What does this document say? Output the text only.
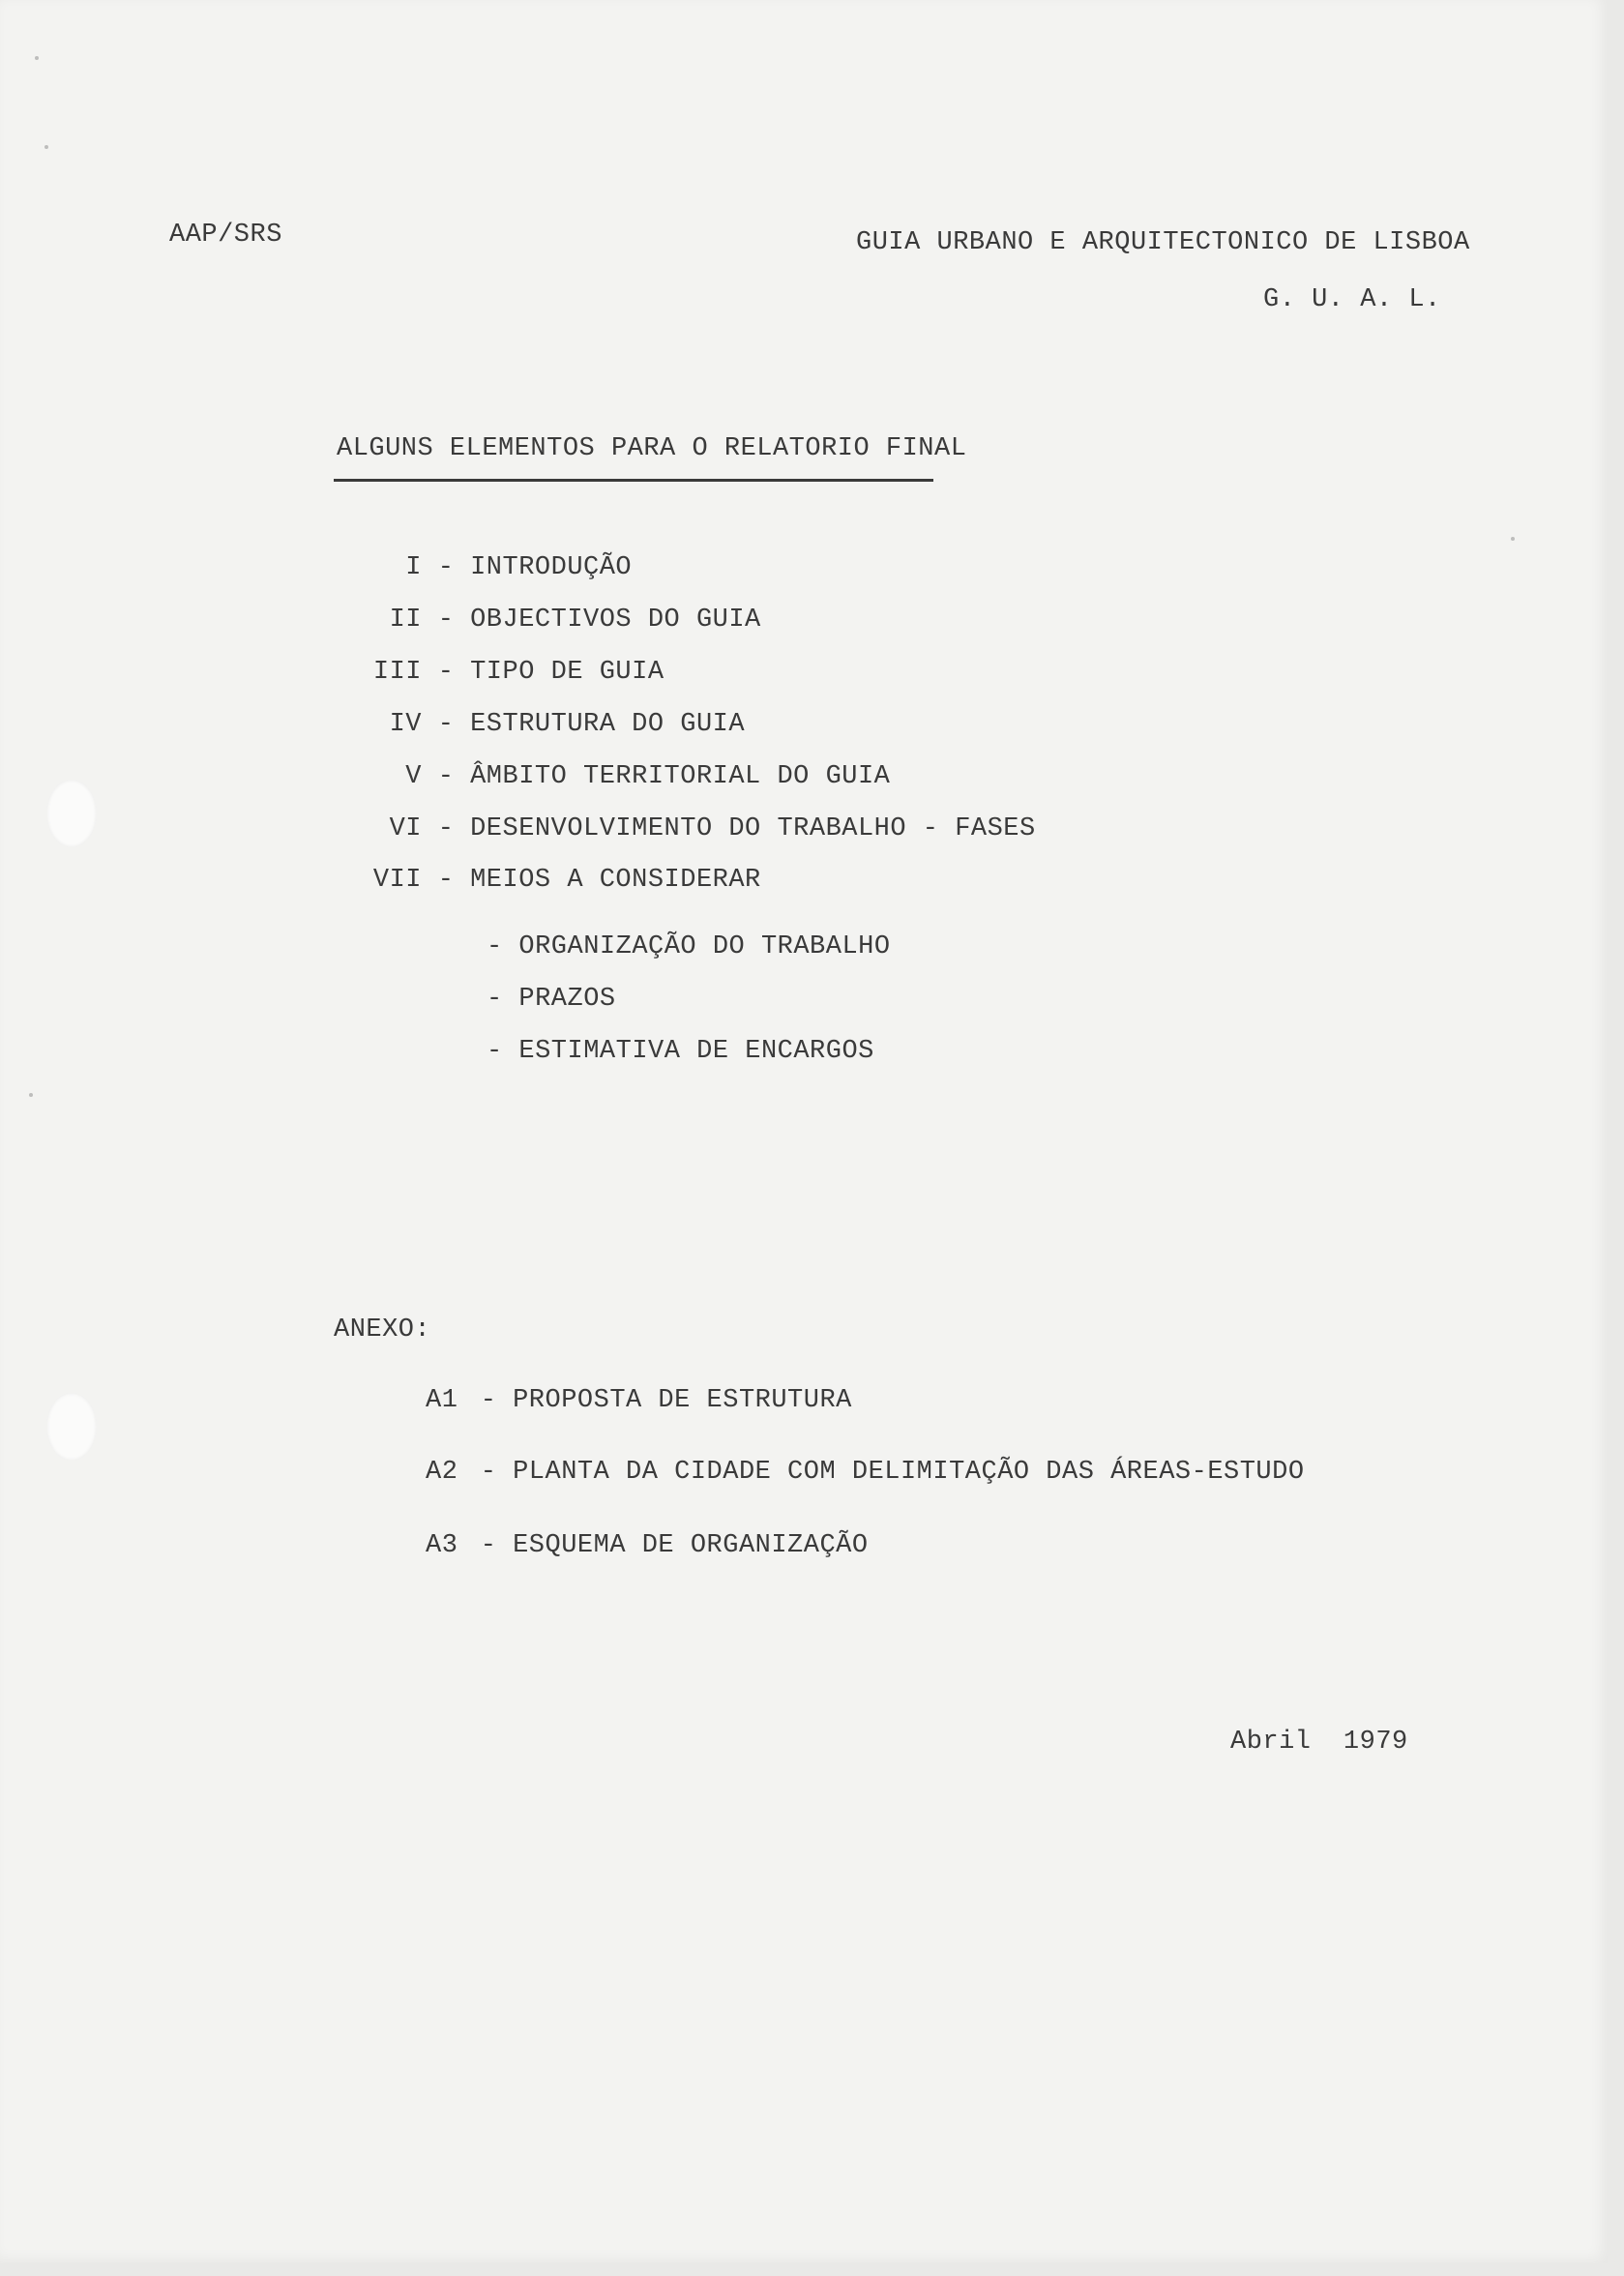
AAP/SRS	GUIA URBANO E ARQUITECTONICO DE LISBOA
G. U. A. L.
ALGUNS ELEMENTOS PARA O RELATORIO FINAL
I - INTRODUÇÃO
II - OBJECTIVOS DO GUIA
III - TIPO DE GUIA
IV - ESTRUTURA DO GUIA
V - ÂMBITO TERRITORIAL DO GUIA
VI - DESENVOLVIMENTO DO TRABALHO - FASES
VII - MEIOS A CONSIDERAR
- ORGANIZAÇÃO DO TRABALHO
- PRAZOS
- ESTIMATIVA DE ENCARGOS
ANEXO:
A1 - PROPOSTA DE ESTRUTURA
A2 - PLANTA DA CIDADE COM DELIMITAÇÃO DAS ÁREAS-ESTUDO
A3 - ESQUEMA DE ORGANIZAÇÃO
Abril  1979
